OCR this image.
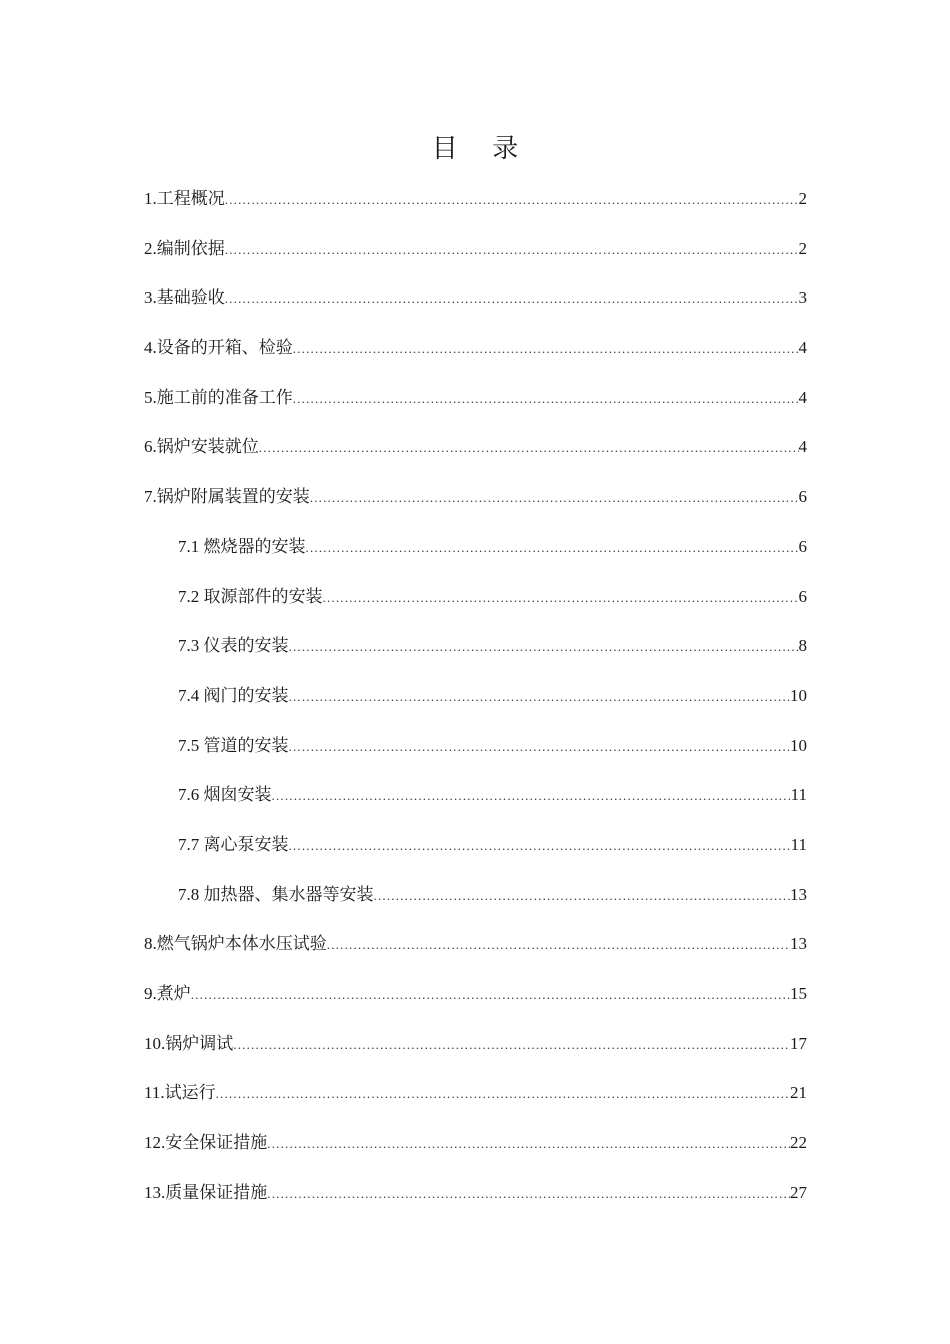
目 录
1.工程概况 .....	2
2.编制依据 .....	2
3.基础验收 .....	3
4.设备的开箱、检验 .....	4
5.施工前的准备工作 .....	4
6.锅炉安装就位 .....	4
7.锅炉附属装置的安装 .....	6
7.1 燃烧器的安装 .....	6
7.2 取源部件的安装 .....	6
7.3 仪表的安装 .....	8
7.4 阀门的安装 .....	10
7.5 管道的安装 .....	10
7.6 烟囱安装 .....	11
7.7 离心泵安装 .....	11
7.8 加热器、集水器等安装 .....	13
8.燃气锅炉本体水压试验 .....	13
9.煮炉 .....	15
10.锅炉调试 .....	17
11.试运行 .....	21
12.安全保证措施 .....	22
13.质量保证措施 .....	27
